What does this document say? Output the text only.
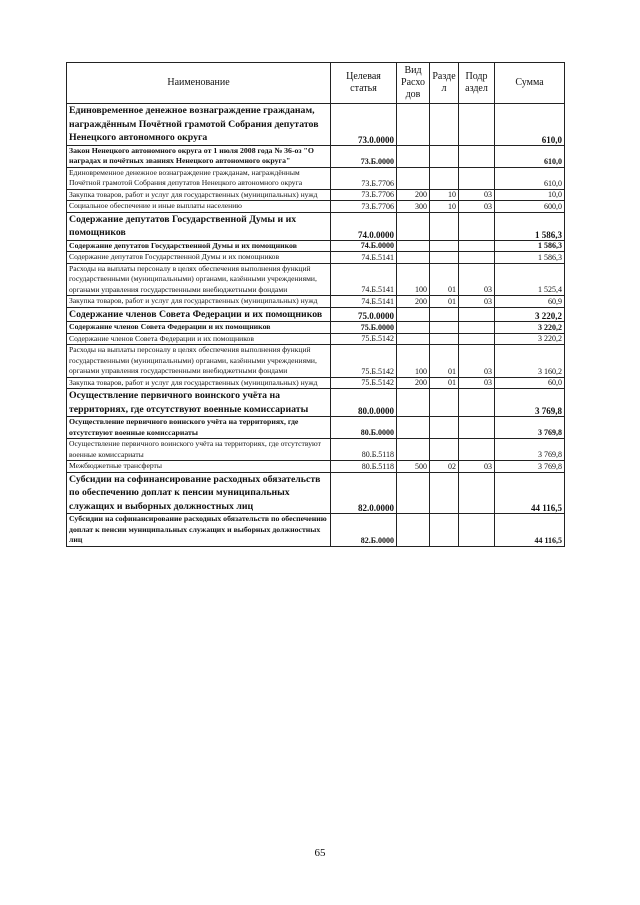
Наименование	Целевая статья	Вид Расхо дов	Разде л	Подр аздел	Сумма
Единовременное денежное вознаграждение гражданам, награждённым Почётной грамотой Собрания депутатов Ненецкого автономного округа	73.0.0000				610,0
Закон Ненецкого автономного округа от 1 июля 2008 года № 36-оз "О наградах и почётных званиях Ненецкого автономного округа"	73.Б.0000				610,0
Единовременное денежное вознаграждение гражданам, награждённым Почётной грамотой Собрания депутатов Ненецкого автономного округа	73.Б.7706				610,0
Закупка товаров, работ и услуг для государственных (муниципальных) нужд	73.Б.7706	200	10	03	10,0
Социальное обеспечение и иные выплаты населению	73.Б.7706	300	10	03	600,0
Содержание депутатов Государственной Думы и их помощников	74.0.0000				1 586,3
Содержание депутатов Государственной Думы и их помощников	74.Б.0000				1 586,3
Содержание депутатов Государственной Думы и их помощников	74.Б.5141				1 586,3
Расходы на выплаты персоналу в целях обеспечения выполнения функций государственными (муниципальными) органами, казёнными учреждениями, органами управления государственными внебюджетными фондами	74.Б.5141	100	01	03	1 525,4
Закупка товаров, работ и услуг для государственных (муниципальных) нужд	74.Б.5141	200	01	03	60,9
Содержание членов Совета Федерации и их помощников	75.0.0000				3 220,2
Содержание членов Совета Федерации и их помощников	75.Б.0000				3 220,2
Содержание членов Совета Федерации и их помощников	75.Б.5142				3 220,2
Расходы на выплаты персоналу в целях обеспечения выполнения функций государственными (муниципальными) органами, казёнными учреждениями, органами управления государственными внебюджетными фондами	75.Б.5142	100	01	03	3 160,2
Закупка товаров, работ и услуг для государственных (муниципальных) нужд	75.Б.5142	200	01	03	60,0
Осуществление первичного воинского учёта на территориях, где отсутствуют военные комиссариаты	80.0.0000				3 769,8
Осуществление первичного воинского учёта на территориях, где отсутствуют военные комиссариаты	80.Б.0000				3 769,8
Осуществление первичного воинского учёта на территориях, где отсутствуют военные комиссариаты	80.Б.5118				3 769,8
Межбюджетные трансферты	80.Б.5118	500	02	03	3 769,8
Субсидии на софинансирование расходных обязательств по обеспечению доплат к пенсии муниципальных служащих и выборных должностных лиц	82.0.0000				44 116,5
Субсидии на софинансирование расходных обязательств по обеспечению доплат к пенсии муниципальных служащих и выборных должностных лиц	82.Б.0000				44 116,5
65
